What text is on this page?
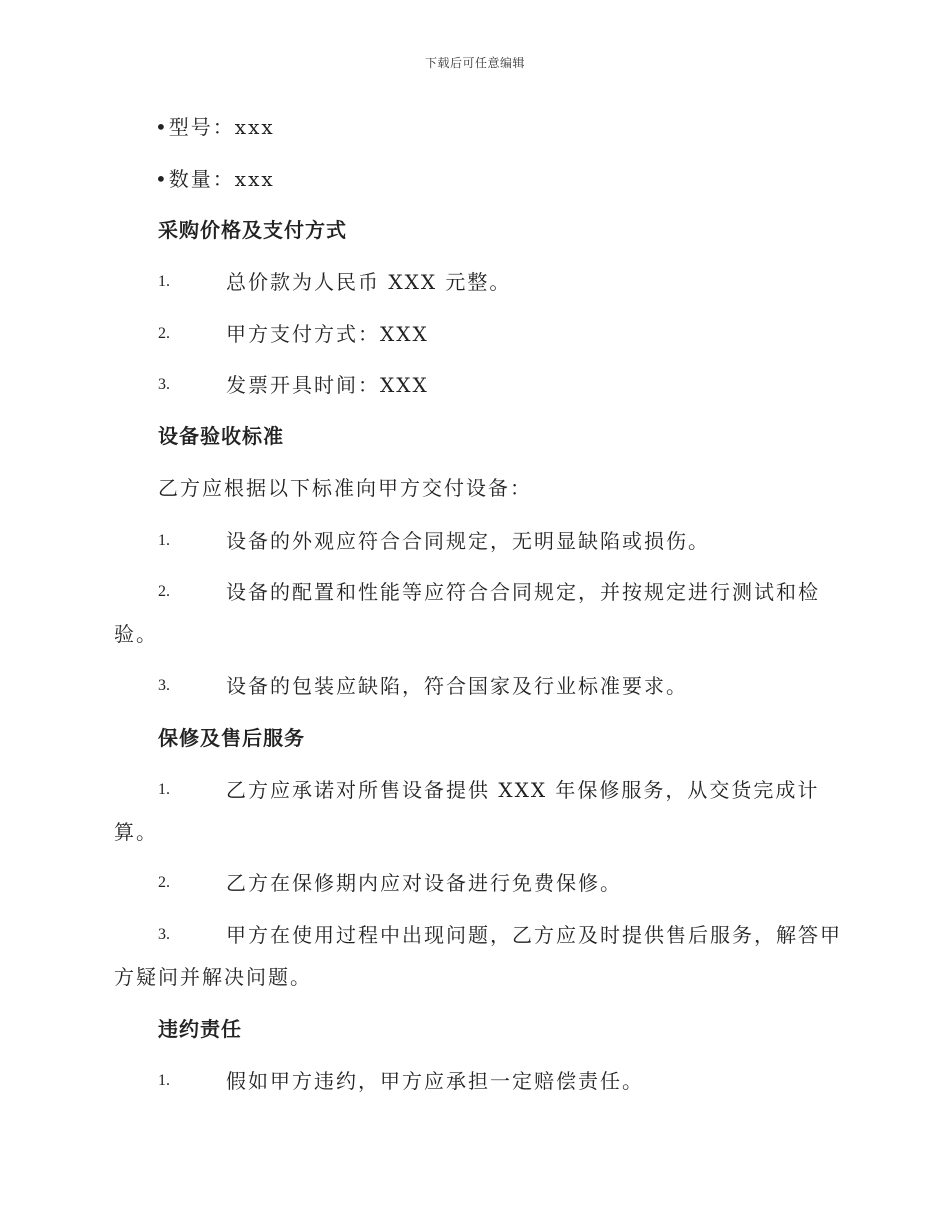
下载后可任意编辑
•型号：xxx
•数量：xxx
采购价格及支付方式
1.	总价款为人民币 XXX 元整。
2.	甲方支付方式：XXX
3.	发票开具时间：XXX
设备验收标准
乙方应根据以下标准向甲方交付设备：
1.	设备的外观应符合合同规定，无明显缺陷或损伤。
2.	设备的配置和性能等应符合合同规定，并按规定进行测试和检
验。
3.	设备的包装应缺陷，符合国家及行业标准要求。
保修及售后服务
1.	乙方应承诺对所售设备提供 XXX 年保修服务，从交货完成计
算。
2.	乙方在保修期内应对设备进行免费保修。
3.	甲方在使用过程中出现问题，乙方应及时提供售后服务，解答甲
方疑问并解决问题。
违约责任
1.	假如甲方违约，甲方应承担一定赔偿责任。
